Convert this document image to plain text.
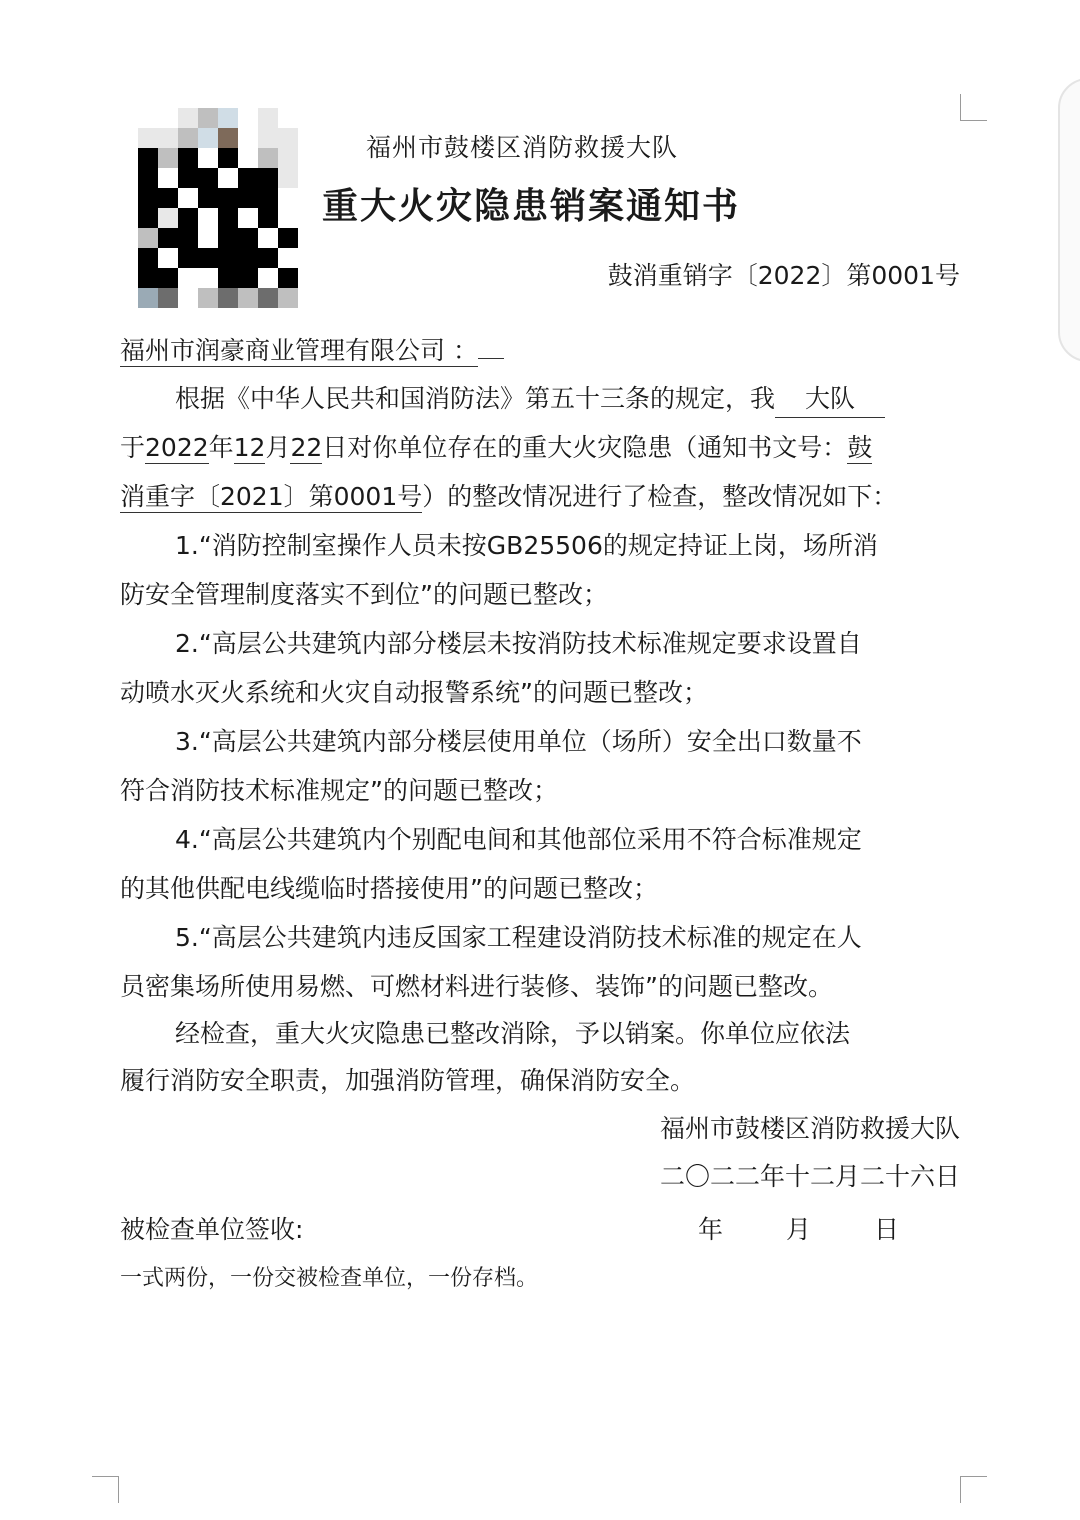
福州市鼓楼区消防救援大队
重大火灾隐患销案通知书
鼓消重销字〔2022〕第0001号
福州市润豪商业管理有限公司 ：
根据《中华人民共和国消防法》第五十三条的规定，我 大队
于2022年12月22日对你单位存在的重大火灾隐患（通知书文号：鼓
消重字〔2021〕第0001号）的整改情况进行了检查，整改情况如下：
1.“消防控制室操作人员未按GB25506的规定持证上岗，场所消
防安全管理制度落实不到位”的问题已整改；
2.“高层公共建筑内部分楼层未按消防技术标准规定要求设置自
动喷水灭火系统和火灾自动报警系统”的问题已整改；
3.“高层公共建筑内部分楼层使用单位（场所）安全出口数量不
符合消防技术标准规定”的问题已整改；
4.“高层公共建筑内个别配电间和其他部位采用不符合标准规定
的其他供配电线缆临时搭接使用”的问题已整改；
5.“高层公共建筑内违反国家工程建设消防技术标准的规定在人
员密集场所使用易燃、可燃材料进行装修、装饰”的问题已整改。
经检查，重大火灾隐患已整改消除，予以销案。你单位应依法
履行消防安全职责，加强消防管理，确保消防安全。
福州市鼓楼区消防救援大队
二〇二二年十二月二十六日
被检查单位签收:	年	月	日
一式两份，一份交被检查单位，一份存档。
